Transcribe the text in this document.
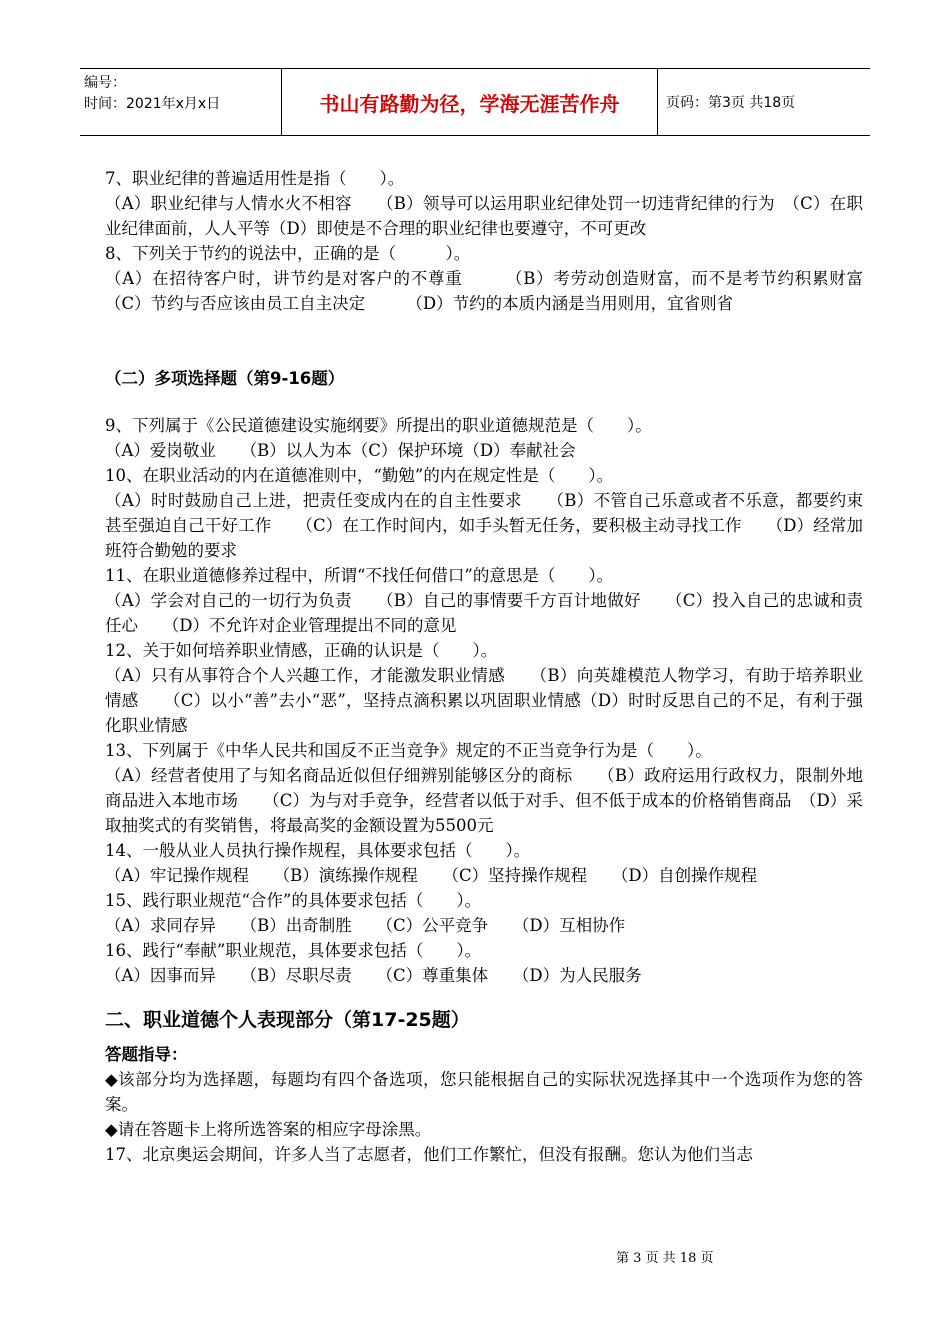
编号：
时间：2021年x月x日	书山有路勤为径，学海无涯苦作舟	页码：第3页 共18页

7、职业纪律的普遍适用性是指（　　）。

（A）职业纪律与人情水火不相容　　（B）领导可以运用职业纪律处罚一切违背纪律的行为　（C）在职业纪律面前，人人平等（D）即使是不合理的职业纪律也要遵守，不可更改

8、下列关于节约的说法中，正确的是（　　　）。

（A）在招待客户时，讲节约是对客户的不尊重　　　（B）考劳动创造财富，而不是考节约积累财富　　（C）节约与否应该由员工自主决定　　　（D）节约的本质内涵是当用则用，宜省则省

（二）多项选择题（第9-16题）

9、下列属于《公民道德建设实施纲要》所提出的职业道德规范是（　　）。

（A）爱岗敬业　　（B）以人为本（C）保护环境（D）奉献社会

10、在职业活动的内在道德准则中，“勤勉”的内在规定性是（　　）。

（A）时时鼓励自己上进，把责任变成内在的自主性要求　　（B）不管自己乐意或者不乐意，都要约束甚至强迫自己干好工作　　（C）在工作时间内，如手头暂无任务，要积极主动寻找工作　　（D）经常加班符合勤勉的要求

11、在职业道德修养过程中，所谓“不找任何借口”的意思是（　　）。

（A）学会对自己的一切行为负责　　（B）自己的事情要千方百计地做好　　（C）投入自己的忠诚和责任心　　（D）不允许对企业管理提出不同的意见

12、关于如何培养职业情感，正确的认识是（　　）。

（A）只有从事符合个人兴趣工作，才能激发职业情感　　（B）向英雄模范人物学习，有助于培养职业情感　　（C）以小“善”去小“恶”，坚持点滴积累以巩固职业情感（D）时时反思自己的不足，有利于强化职业情感

13、下列属于《中华人民共和国反不正当竞争》规定的不正当竞争行为是（　　）。

（A）经营者使用了与知名商品近似但仔细辨别能够区分的商标　　（B）政府运用行政权力，限制外地商品进入本地市场　　（C）为与对手竞争，经营者以低于对手、但不低于成本的价格销售商品　（D）采取抽奖式的有奖销售，将最高奖的金额设置为5500元

14、一般从业人员执行操作规程，具体要求包括（　　）。

（A）牢记操作规程　　（B）演练操作规程　　（C）坚持操作规程　　（D）自创操作规程

15、践行职业规范“合作”的具体要求包括（　　）。

（A）求同存异　　（B）出奇制胜　　（C）公平竞争　　（D）互相协作

16、践行“奉献”职业规范，具体要求包括（　　）。

（A）因事而异　　（B）尽职尽责　　（C）尊重集体　　（D）为人民服务

二、职业道德个人表现部分（第17-25题）

答题指导：

◆该部分均为选择题，每题均有四个备选项，您只能根据自己的实际状况选择其中一个选项作为您的答案。

◆请在答题卡上将所选答案的相应字母涂黑。

17、北京奥运会期间，许多人当了志愿者，他们工作繁忙，但没有报酬。您认为他们当志

第 3 页 共 18 页
